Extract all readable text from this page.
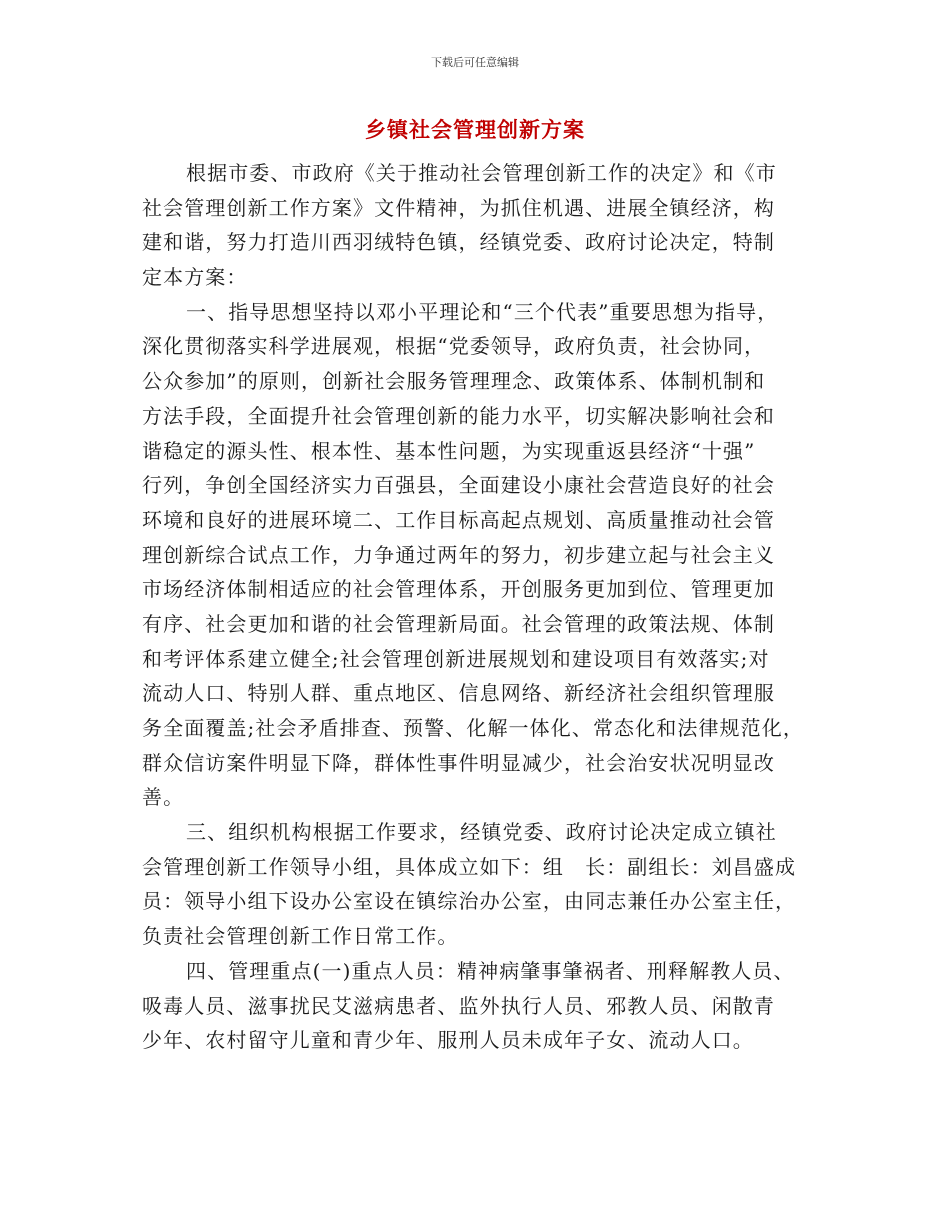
下载后可任意编辑
乡镇社会管理创新方案
根据市委、市政府《关于推动社会管理创新工作的决定》和《市
社会管理创新工作方案》文件精神，为抓住机遇、进展全镇经济，构
建和谐，努力打造川西羽绒特色镇，经镇党委、政府讨论决定，特制
定本方案：
一、指导思想坚持以邓小平理论和“三个代表”重要思想为指导，
深化贯彻落实科学进展观，根据“党委领导，政府负责，社会协同，
公众参加”的原则，创新社会服务管理理念、政策体系、体制机制和
方法手段，全面提升社会管理创新的能力水平，切实解决影响社会和
谐稳定的源头性、根本性、基本性问题，为实现重返县经济“十强”
行列，争创全国经济实力百强县，全面建设小康社会营造良好的社会
环境和良好的进展环境二、工作目标高起点规划、高质量推动社会管
理创新综合试点工作，力争通过两年的努力，初步建立起与社会主义
市场经济体制相适应的社会管理体系，开创服务更加到位、管理更加
有序、社会更加和谐的社会管理新局面。社会管理的政策法规、体制
和考评体系建立健全;社会管理创新进展规划和建设项目有效落实;对
流动人口、特别人群、重点地区、信息网络、新经济社会组织管理服
务全面覆盖;社会矛盾排查、预警、化解一体化、常态化和法律规范化，
群众信访案件明显下降，群体性事件明显减少，社会治安状况明显改
善。
三、组织机构根据工作要求，经镇党委、政府讨论决定成立镇社
会管理创新工作领导小组，具体成立如下：组　长：副组长：刘昌盛成
员：领导小组下设办公室设在镇综治办公室，由同志兼任办公室主任，
负责社会管理创新工作日常工作。
四、管理重点(一)重点人员：精神病肇事肇祸者、刑释解教人员、
吸毒人员、滋事扰民艾滋病患者、监外执行人员、邪教人员、闲散青
少年、农村留守儿童和青少年、服刑人员未成年子女、流动人口。
